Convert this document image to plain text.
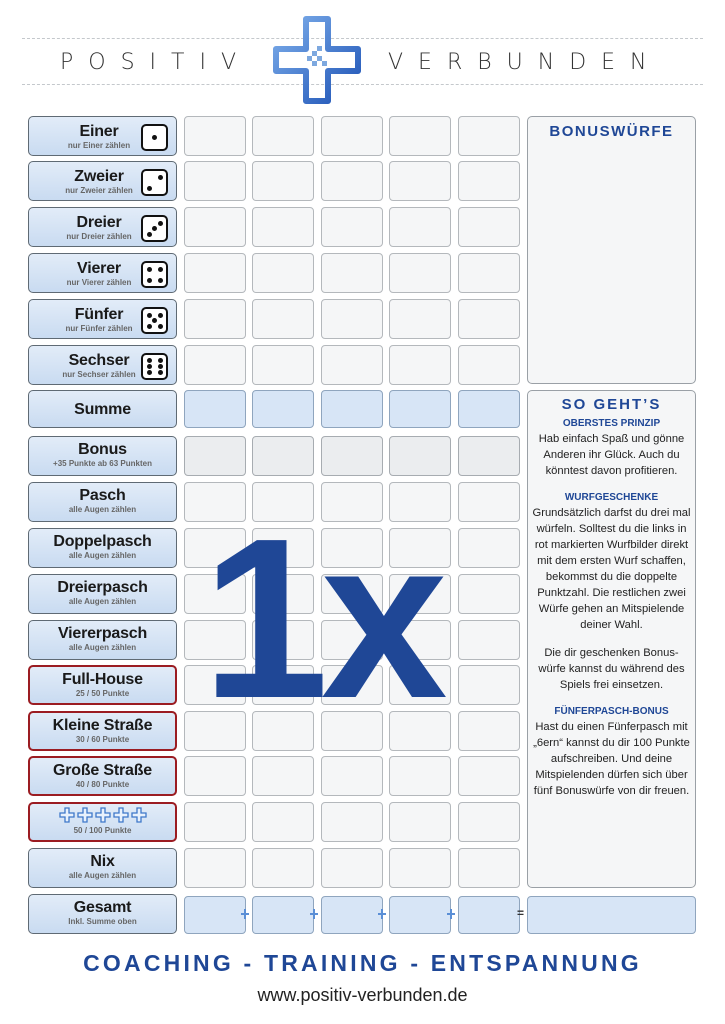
POSITIV	VERBUNDEN
Einer
nur Einer zählen
Zweier
nur Zweier zählen
Dreier
nur Dreier zählen
Vierer
nur Vierer zählen
Fünfer
nur Fünfer zählen
Sechser
nur Sechser zählen
Summe
Bonus
+35 Punkte ab 63 Punkten
Pasch
alle Augen zählen
Doppelpasch
alle Augen zählen
Dreierpasch
alle Augen zählen
Viererpasch
alle Augen zählen
Full-House
25 / 50 Punkte
Kleine Straße
30 / 60 Punkte
Große Straße
40 / 80 Punkte
50 / 100 Punkte
Nix
alle Augen zählen
Gesamt
Inkl. Summe oben
=
1x
BONUSWÜRFE
SO GEHT’S
OBERSTES PRINZIP
Hab einfach Spaß und gönne Anderen ihr Glück. Auch du könntest davon profitieren.
WURFGESCHENKE
Grundsätzlich darfst du drei mal würfeln. Solltest du die links in rot markierten Wurfbilder direkt mit dem ersten Wurf schaffen, bekommst du die doppelte Punktzahl. Die restlichen zwei Würfe gehen an Mitspielende deiner Wahl.
Die dir geschenken Bonus-würfe kannst du während des Spiels frei einsetzen.
FÜNFERPASCH-BONUS
Hast du einen Fünferpasch mit „6ern“ kannst du dir 100 Punkte aufschreiben. Und deine Mitspielenden dürfen sich über fünf Bonuswürfe von dir freuen.
COACHING - TRAINING - ENTSPANNUNG
www.positiv-verbunden.de
